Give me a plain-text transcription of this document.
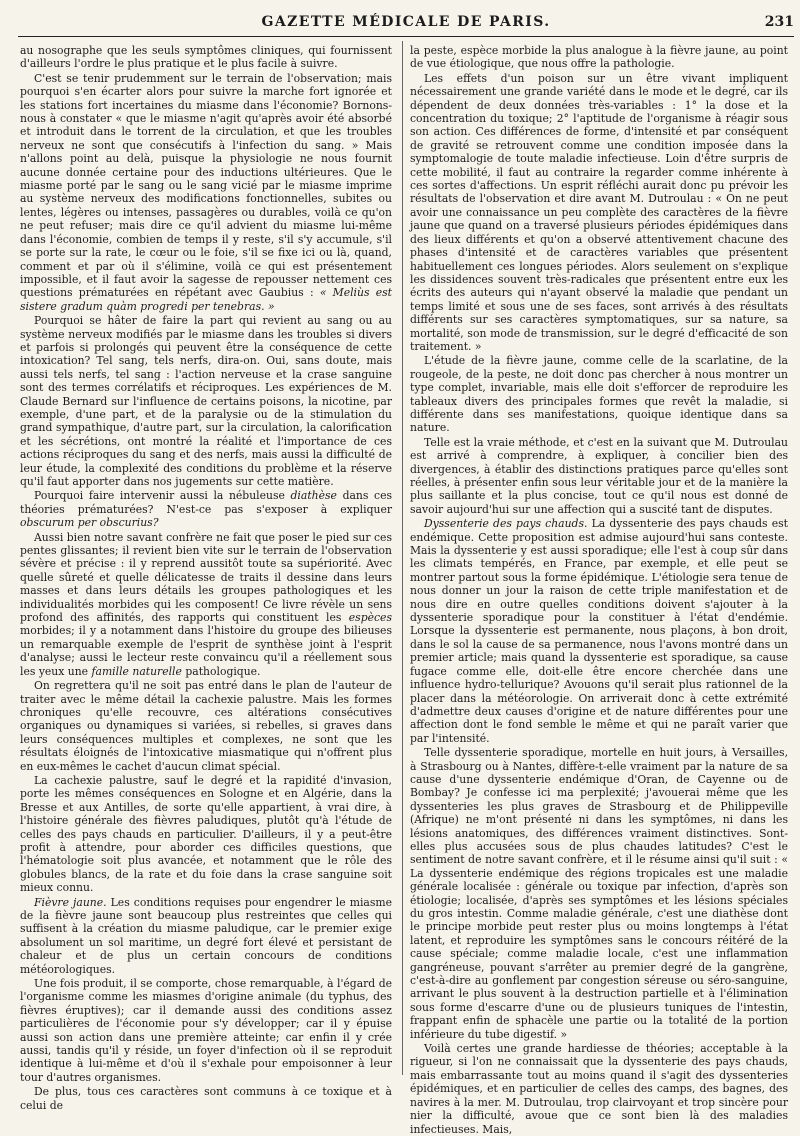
GAZETTE MÉDICALE DE PARIS.	231

au nosographe que les seuls symptômes cliniques, qui fournissent d'ailleurs l'ordre le plus pratique et le plus facile à suivre.

C'est se tenir prudemment sur le terrain de l'observation; mais pourquoi s'en écarter alors pour suivre la marche fort ignorée et les stations fort incertaines du miasme dans l'économie? Bornons-nous à constater « que le miasme n'agit qu'après avoir été absorbé et introduit dans le torrent de la circulation, et que les troubles nerveux ne sont que consécutifs à l'infection du sang. » Mais n'allons point au delà, puisque la physiologie ne nous fournit aucune donnée certaine pour des inductions ultérieures. Que le miasme porté par le sang ou le sang vicié par le miasme imprime au système nerveux des modifications fonctionnelles, subites ou lentes, légères ou intenses, passagères ou durables, voilà ce qu'on ne peut refuser; mais dire ce qu'il advient du miasme lui-même dans l'économie, combien de temps il y reste, s'il s'y accumule, s'il se porte sur la rate, le cœur ou le foie, s'il se fixe ici ou là, quand, comment et par où il s'élimine, voilà ce qui est présentement impossible, et il faut avoir la sagesse de repousser nettement ces questions prématurées en répétant avec Gaubius : « Meliùs est sistere gradum quàm progredi per tenebras. »

Pourquoi se hâter de faire la part qui revient au sang ou au système nerveux modifiés par le miasme dans les troubles si divers et parfois si prolongés qui peuvent être la conséquence de cette intoxication? Tel sang, tels nerfs, dira-on. Oui, sans doute, mais aussi tels nerfs, tel sang : l'action nerveuse et la crase sanguine sont des termes corrélatifs et réciproques. Les expériences de M. Claude Bernard sur l'influence de certains poisons, la nicotine, par exemple, d'une part, et de la paralysie ou de la stimulation du grand sympathique, d'autre part, sur la circulation, la calorification et les sécrétions, ont montré la réalité et l'importance de ces actions réciproques du sang et des nerfs, mais aussi la difficulté de leur étude, la complexité des conditions du problème et la réserve qu'il faut apporter dans nos jugements sur cette matière.

Pourquoi faire intervenir aussi la nébuleuse diathèse dans ces théories prématurées? N'est-ce pas s'exposer à expliquer obscurum per obscurius?

Aussi bien notre savant confrère ne fait que poser le pied sur ces pentes glissantes; il revient bien vite sur le terrain de l'observation sévère et précise : il y reprend aussitôt toute sa supériorité. Avec quelle sûreté et quelle délicatesse de traits il dessine dans leurs masses et dans leurs détails les groupes pathologiques et les individualités morbides qui les composent! Ce livre révèle un sens profond des affinités, des rapports qui constituent les espèces morbides; il y a notamment dans l'histoire du groupe des bilieuses un remarquable exemple de l'esprit de synthèse joint à l'esprit d'analyse; aussi le lecteur reste convaincu qu'il a réellement sous les yeux une famille naturelle pathologique.

On regrettera qu'il ne soit pas entré dans le plan de l'auteur de traiter avec le même détail la cachexie palustre. Mais les formes chroniques qu'elle recouvre, ces altérations consécutives organiques ou dynamiques si variées, si rebelles, si graves dans leurs conséquences multiples et complexes, ne sont que les résultats éloignés de l'intoxicative miasmatique qui n'offrent plus en eux-mêmes le cachet d'aucun climat spécial.

La cachexie palustre, sauf le degré et la rapidité d'invasion, porte les mêmes conséquences en Sologne et en Algérie, dans la Bresse et aux Antilles, de sorte qu'elle appartient, à vrai dire, à l'histoire générale des fièvres paludiques, plutôt qu'à l'étude de celles des pays chauds en particulier. D'ailleurs, il y a peut-être profit à attendre, pour aborder ces difficiles questions, que l'hématologie soit plus avancée, et notamment que le rôle des globules blancs, de la rate et du foie dans la crase sanguine soit mieux connu.

Fièvre jaune. Les conditions requises pour engendrer le miasme de la fièvre jaune sont beaucoup plus restreintes que celles qui suffisent à la création du miasme paludique, car le premier exige absolument un sol maritime, un degré fort élevé et persistant de chaleur et de plus un certain concours de conditions météorologiques.

Une fois produit, il se comporte, chose remarquable, à l'égard de l'organisme comme les miasmes d'origine animale (du typhus, des fièvres éruptives); car il demande aussi des conditions assez particulières de l'économie pour s'y développer; car il y épuise aussi son action dans une première atteinte; car enfin il y crée aussi, tandis qu'il y réside, un foyer d'infection où il se reproduit identique à lui-même et d'où il s'exhale pour empoisonner à leur tour d'autres organismes.

De plus, tous ces caractères sont communs à ce toxique et à celui de

la peste, espèce morbide la plus analogue à la fièvre jaune, au point de vue étiologique, que nous offre la pathologie.

Les effets d'un poison sur un être vivant impliquent nécessairement une grande variété dans le mode et le degré, car ils dépendent de deux données très-variables : 1° la dose et la concentration du toxique; 2° l'aptitude de l'organisme à réagir sous son action. Ces différences de forme, d'intensité et par conséquent de gravité se retrouvent comme une condition imposée dans la symptomalogie de toute maladie infectieuse. Loin d'être surpris de cette mobilité, il faut au contraire la regarder comme inhérente à ces sortes d'affections. Un esprit réfléchi aurait donc pu prévoir les résultats de l'observation et dire avant M. Dutroulau : « On ne peut avoir une connaissance un peu complète des caractères de la fièvre jaune que quand on a traversé plusieurs périodes épidémiques dans des lieux différents et qu'on a observé attentivement chacune des phases d'intensité et de caractères variables que présentent habituellement ces longues périodes. Alors seulement on s'explique les dissidences souvent très-radicales que présentent entre eux les écrits des auteurs qui n'ayant observé la maladie que pendant un temps limité et sous une de ses faces, sont arrivés à des résultats différents sur ses caractères symptomatiques, sur sa nature, sa mortalité, son mode de transmission, sur le degré d'efficacité de son traitement. »

L'étude de la fièvre jaune, comme celle de la scarlatine, de la rougeole, de la peste, ne doit donc pas chercher à nous montrer un type complet, invariable, mais elle doit s'efforcer de reproduire les tableaux divers des principales formes que revêt la maladie, si différente dans ses manifestations, quoique identique dans sa nature.

Telle est la vraie méthode, et c'est en la suivant que M. Dutroulau est arrivé à comprendre, à expliquer, à concilier bien des divergences, à établir des distinctions pratiques parce qu'elles sont réelles, à présenter enfin sous leur véritable jour et de la manière la plus saillante et la plus concise, tout ce qu'il nous est donné de savoir aujourd'hui sur une affection qui a suscité tant de disputes.

Dyssenterie des pays chauds. La dyssenterie des pays chauds est endémique. Cette proposition est admise aujourd'hui sans conteste. Mais la dyssenterie y est aussi sporadique; elle l'est à coup sûr dans les climats tempérés, en France, par exemple, et elle peut se montrer partout sous la forme épidémique. L'étiologie sera tenue de nous donner un jour la raison de cette triple manifestation et de nous dire en outre quelles conditions doivent s'ajouter à la dyssenterie sporadique pour la constituer à l'état d'endémie. Lorsque la dyssenterie est permanente, nous plaçons, à bon droit, dans le sol la cause de sa permanence, nous l'avons montré dans un premier article; mais quand la dyssenterie est sporadique, sa cause fugace comme elle, doit-elle être encore cherchée dans une influence hydro-tellurique? Avouons qu'il serait plus rationnel de la placer dans la météorologie. On arriverait donc à cette extrémité d'admettre deux causes d'origine et de nature différentes pour une affection dont le fond semble le même et qui ne paraît varier que par l'intensité.

Telle dyssenterie sporadique, mortelle en huit jours, à Versailles, à Strasbourg ou à Nantes, diffère-t-elle vraiment par la nature de sa cause d'une dyssenterie endémique d'Oran, de Cayenne ou de Bombay? Je confesse ici ma perplexité; j'avouerai même que les dyssenteries les plus graves de Strasbourg et de Philippeville (Afrique) ne m'ont présenté ni dans les symptômes, ni dans les lésions anatomiques, des différences vraiment distinctives. Sont-elles plus accusées sous de plus chaudes latitudes? C'est le sentiment de notre savant confrère, et il le résume ainsi qu'il suit : « La dyssenterie endémique des régions tropicales est une maladie générale localisée : générale ou toxique par infection, d'après son étiologie; localisée, d'après ses symptômes et les lésions spéciales du gros intestin. Comme maladie générale, c'est une diathèse dont le principe morbide peut rester plus ou moins longtemps à l'état latent, et reproduire les symptômes sans le concours réitéré de la cause spéciale; comme maladie locale, c'est une inflammation gangréneuse, pouvant s'arrêter au premier degré de la gangrène, c'est-à-dire au gonflement par congestion séreuse ou séro-sanguine, arrivant le plus souvent à la destruction partielle et à l'élimination sous forme d'escarre d'une ou de plusieurs tuniques de l'intestin, frappant enfin de sphacèle une partie ou la totalité de la portion inférieure du tube digestif. »

Voilà certes une grande hardiesse de théories; acceptable à la rigueur, si l'on ne connaissait que la dyssenterie des pays chauds, mais embarrassante tout au moins quand il s'agit des dyssenteries épidémiques, et en particulier de celles des camps, des bagnes, des navires à la mer. M. Dutroulau, trop clairvoyant et trop sincère pour nier la difficulté, avoue que ce sont bien là des maladies infectieuses. Mais,
